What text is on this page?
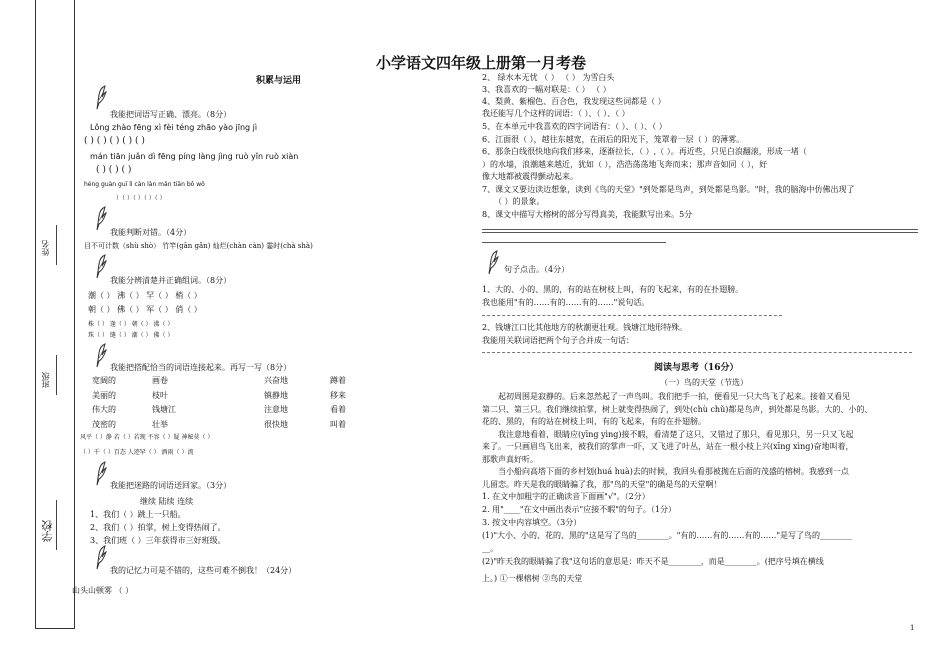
姓名
班级
学校
小学语文四年级上册第一月考卷
积累与运用
我能把词语写正确、漂亮。（8分）
Lǒng zhào fēng xì fèi téng zhāo yào jīng jì
( ) ( ) ( ) ( ) ( )
mán tiān juǎn dì fēng píng làng jìng ruò yǐn ruò xiàn
( ) ( ) ( )
héng guàn guī lì càn làn mǎn tiān bō wǒ
）（ ）（ ）（ ）（ ）
我能判断对错。（4分）
目不可计数（shù shò） 竹竿(gān gǎn) 灿烂(chàn càn) 霎时(chà shà)
我能分辨清楚并正确组词。（8分）
潮（ ） 沸（ ） 罕（ ） 梢（ ）
朝（ ） 佛（ ） 军（ ） 俏（ ）
株（ ） 逢（ ） 朝（ ） 沸（ ）
珠（ ） 缝（ ） 潮（ ） 佛（ ）
我能把搭配恰当的词语连接起来。再写一写（8分）
宽阔的
美丽的
伟大的
茂密的
画卷
枝叶
钱塘江
壮举
兴奋地
镇静地
注意地
很快地
蹲着
移来
看着
叫着
风平（ ）静 若（ ）若现 不容（ ）疑 神秘莫（ ）
（ ）千（ ）百态 人迹罕（ ） 酒雨（ ）流
我能把迷路的词语送回家。（3分）
继续 陆续 连续
1、我们（ ）跳上一只船。
2、我们（ ）拍掌，树上变得热闹了。
3、我们班（ ）三年获得市三好班级。
我的记忆力可是不错的，这些可难不倒我！（24分）
山头山顿雾 （ ）
2、 绿水本无忧 （ ） （ ） 为雪白头
3、我喜欢的一幅对联是：（ ） （ ）
4、梨黄、紫榴色、百合色，我发现这些词都是（ ）
我还能写几个这样的词语：（ ）、（ ）、（ ）
5、在本单元中我喜欢的四字词语有：（ ）、（ ）、（ ）
6、江面很（ ），越往东越宽，在雨后的阳光下，笼罩着一层（ ）的薄雾。
6、那条白线很快地向我们移来，逐渐拉长，（ ）,（ ）。再近些，只见白浪翻滚，形成一堵（
）的水墙，浪潮越来越近，犹如（ ），浩浩荡荡地飞奔而来；那声音如同（ ），好
像大地都被震得颤动起来。
7、课文又要边读边想象，读到《鸟的天堂》"到处都是鸟声，到处都是鸟影。"时，我的脑海中仿佛出现了
（ ）的景象。
8、课文中描写大榕树的部分写得真美，我能默写出来。5分
句子点击。（4分）
1、大的、小的、黑的，有的站在树枝上叫，有的飞起来，有的在扑翅膀。
我也能用"有的……有的……有的……"说句话。
2、钱塘江口比其他地方的秋潮更壮观。钱塘江地形特殊。
我能用关联词语把两个句子合并成一句话：
阅读与思考（16分）
（一）鸟的天堂（节选）
起初周围是寂静的。后来忽然起了一声鸟叫。我们把手一拍，便看见一只大鸟飞了起来。接着又看见
第二只、第三只。我们继续拍掌，树上就变得热闹了，到处(chù chǔ)都是鸟声，到处都是鸟影。大的、小的、
花的、黑的，有的站在树枝上叫，有的飞起来，有的在扑翅膀。
我注意地看着，眼睛应(yīng yìng)接不暇，看清楚了这只，又错过了那只，看见那只，另一只又飞起
来了。一只画眉鸟飞出来，被我们的掌声一吓，又飞进了叶丛，站在一根小枝上兴(xīng xìng)奋地叫着，
那歌声真好听。
当小船向高塔下面的乡村划(huá huà)去的时候，我回头看那被抛在后面的茂盛的榕树。我感到一点
儿留恋。昨天是我的眼睛骗了我，那"鸟的天堂"的确是鸟的天堂啊！
1. 在文中加粗字的正确读音下面画"√"。（2分）
2. 用"____"在文中画出表示"应接不暇"的句子。（1分）
3. 按文中内容填空。（3分）
(1)"大小、小的、花的、黑的"这是写了鸟的________。"有的……有的……有的……"是写了鸟的________
__。
(2)"昨天我的眼睛骗了我"这句话的意思是：昨天不是________，而是________。(把序号填在横线
上。) ①一棵榕树 ②鸟的天堂
1
